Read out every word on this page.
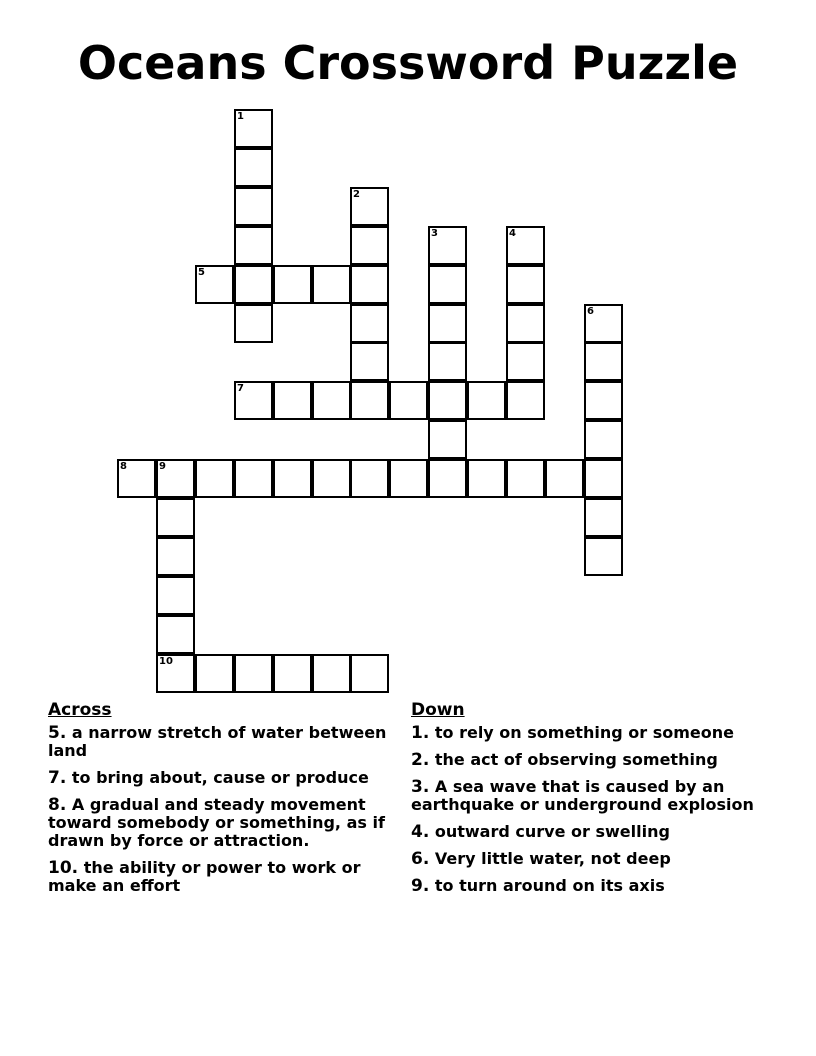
Oceans Crossword Puzzle
1
2
3	4
6
5
7
8	9
10
Across
5. a narrow stretch of water between land
7. to bring about, cause or produce
8. A gradual and steady movement toward somebody or something, as if drawn by force or attraction.
10. the ability or power to work or make an effort
Down
1. to rely on something or someone
2. the act of observing something
3. A sea wave that is caused by an earthquake or underground explosion
4. outward curve or swelling
6. Very little water, not deep
9. to turn around on its axis
